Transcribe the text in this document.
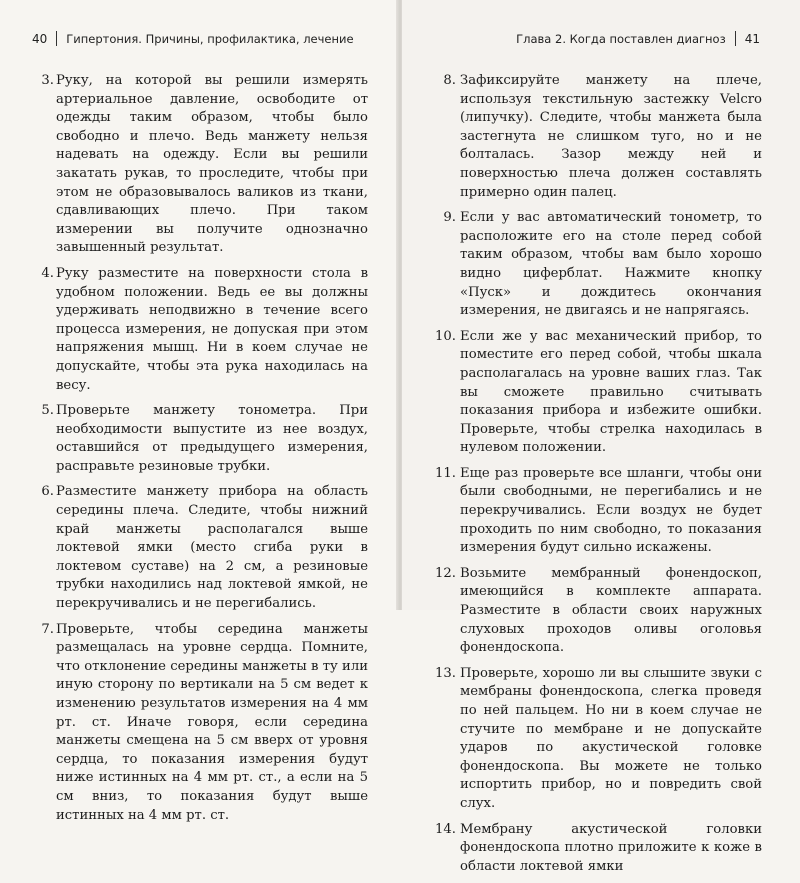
40 Гипертония. Причины, профилактика, лечение
3. Руку, на которой вы решили измерять артериальное давление, освободите от одежды таким образом, чтобы было свободно и плечо. Ведь манжету нельзя надевать на одежду. Если вы решили закатать рукав, то проследите, чтобы при этом не образовывалось валиков из ткани, сдавливающих плечо. При таком измерении вы получите однозначно завышенный результат.
4. Руку разместите на поверхности стола в удобном положении. Ведь ее вы должны удерживать неподвижно в течение всего процесса измерения, не допуская при этом напряжения мышц. Ни в коем случае не допускайте, чтобы эта рука находилась на весу.
5. Проверьте манжету тонометра. При необходимости выпустите из нее воздух, оставшийся от предыдущего измерения, расправьте резиновые трубки.
6. Разместите манжету прибора на область середины плеча. Следите, чтобы нижний край манжеты располагался выше локтевой ямки (место сгиба руки в локтевом суставе) на 2 см, а резиновые трубки находились над локтевой ямкой, не перекручивались и не перегибались.
7. Проверьте, чтобы середина манжеты размещалась на уровне сердца. Помните, что отклонение середины манжеты в ту или иную сторону по вертикали на 5 см ведет к изменению результатов измерения на 4 мм рт. ст. Иначе говоря, если середина манжеты смещена на 5 см вверх от уровня сердца, то показания измерения будут ниже истинных на 4 мм рт. ст., а если на 5 см вниз, то показания будут выше истинных на 4 мм рт. ст.
Глава 2. Когда поставлен диагноз 41
8. Зафиксируйте манжету на плече, используя текстильную застежку Velcro (липучку). Следите, чтобы манжета была застегнута не слишком туго, но и не болталась. Зазор между ней и поверхностью плеча должен составлять примерно один палец.
9. Если у вас автоматический тонометр, то расположите его на столе перед собой таким образом, чтобы вам было хорошо видно циферблат. Нажмите кнопку «Пуск» и дождитесь окончания измерения, не двигаясь и не напрягаясь.
10. Если же у вас механический прибор, то поместите его перед собой, чтобы шкала располагалась на уровне ваших глаз. Так вы сможете правильно считывать показания прибора и избежите ошибки. Проверьте, чтобы стрелка находилась в нулевом положении.
11. Еще раз проверьте все шланги, чтобы они были свободными, не перегибались и не перекручивались. Если воздух не будет проходить по ним свободно, то показания измерения будут сильно искажены.
12. Возьмите мембранный фонендоскоп, имеющийся в комплекте аппарата. Разместите в области своих наружных слуховых проходов оливы оголовья фонендоскопа.
13. Проверьте, хорошо ли вы слышите звуки с мембраны фонендоскопа, слегка проведя по ней пальцем. Но ни в коем случае не стучите по мембране и не допускайте ударов по акустической головке фонендоскопа. Вы можете не только испортить прибор, но и повредить свой слух.
14. Мембрану акустической головки фонендоскопа плотно приложите к коже в области локтевой ямки
